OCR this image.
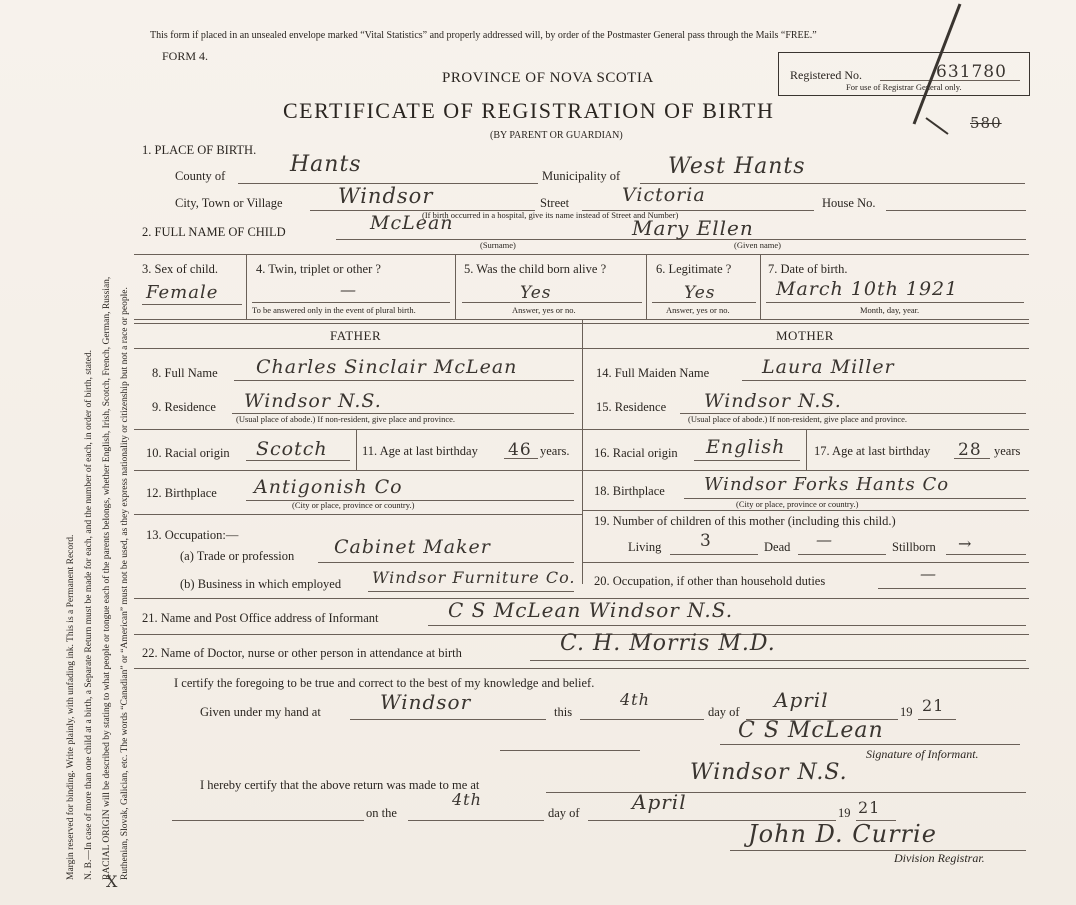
Margin reserved for binding. Write plainly, with unfading ink. This is a Permanent Record. N. B.—In case of more than one child at a birth, a Separate Return must be made for each, and the number of each, in order of birth, stated. RACIAL ORIGIN will be described by stating to what people or tongue each of the parents belongs, whether English, Irish, Scotch, French, German, Russian, Ruthenian, Slovak, Galician, etc. The words “Canadian” or “American” must not be used, as they express nationality or citizenship but not a race or people.
X
This form if placed in an unsealed envelope marked “Vital Statistics” and properly addressed will, by order of the Postmaster General pass through the Mails “FREE.”
FORM 4.
PROVINCE OF NOVA SCOTIA
CERTIFICATE OF REGISTRATION OF BIRTH
(BY PARENT OR GUARDIAN)
Registered No.	631780
For use of Registrar General only.
580
1. PLACE OF BIRTH.
County of	Hants	Municipality of West Hants
City, Town or Village	Windsor	Street	Victoria	House No.
(If birth occurred in a hospital, give its name instead of Street and Number)
2. FULL NAME OF CHILD	McLean	Mary Ellen
(Surname)	(Given name)
3. Sex of child.
Female
4. Twin, triplet or other ?
—
To be answered only in the event of plural birth.
5. Was the child born alive ?
Yes
Answer, yes or no.
6. Legitimate ?
Yes
Answer, yes or no.
7. Date of birth.
March 10th 1921
Month, day, year.
FATHER	MOTHER
8. Full Name Charles Sinclair McLean
9. Residence Windsor N.S.
(Usual place of abode.) If non-resident, give place and province.
10. Racial origin Scotch	11. Age at last birthday 46 years.
12. Birthplace Antigonish Co
(City or place, province or country.)
13. Occupation:—
(a) Trade or profession Cabinet Maker
(b) Business in which employed Windsor Furniture Co.
14. Full Maiden Name	Laura Miller
15. Residence Windsor N.S.
(Usual place of abode.) If non-resident, give place and province.
16. Racial origin English 17. Age at last birthday 28 years
18. Birthplace Windsor Forks Hants Co
(City or place, province or country.)
19. Number of children of this mother (including this child.)
Living 3	Dead —	Stillborn →
20. Occupation, if other than household duties	—
21. Name and Post Office address of Informant	C S McLean Windsor N.S.
22. Name of Doctor, nurse or other person in attendance at birth	C. H. Morris M.D.
I certify the foregoing to be true and correct to the best of my knowledge and belief.
Given under my hand at	Windsor	this
4th
day of April	19 21
C S McLean
Signature of Informant.
I hereby certify that the above return was made to me at	Windsor N.S.
on the
4th
day of	April	19 21
John D. Currie
Division Registrar.
